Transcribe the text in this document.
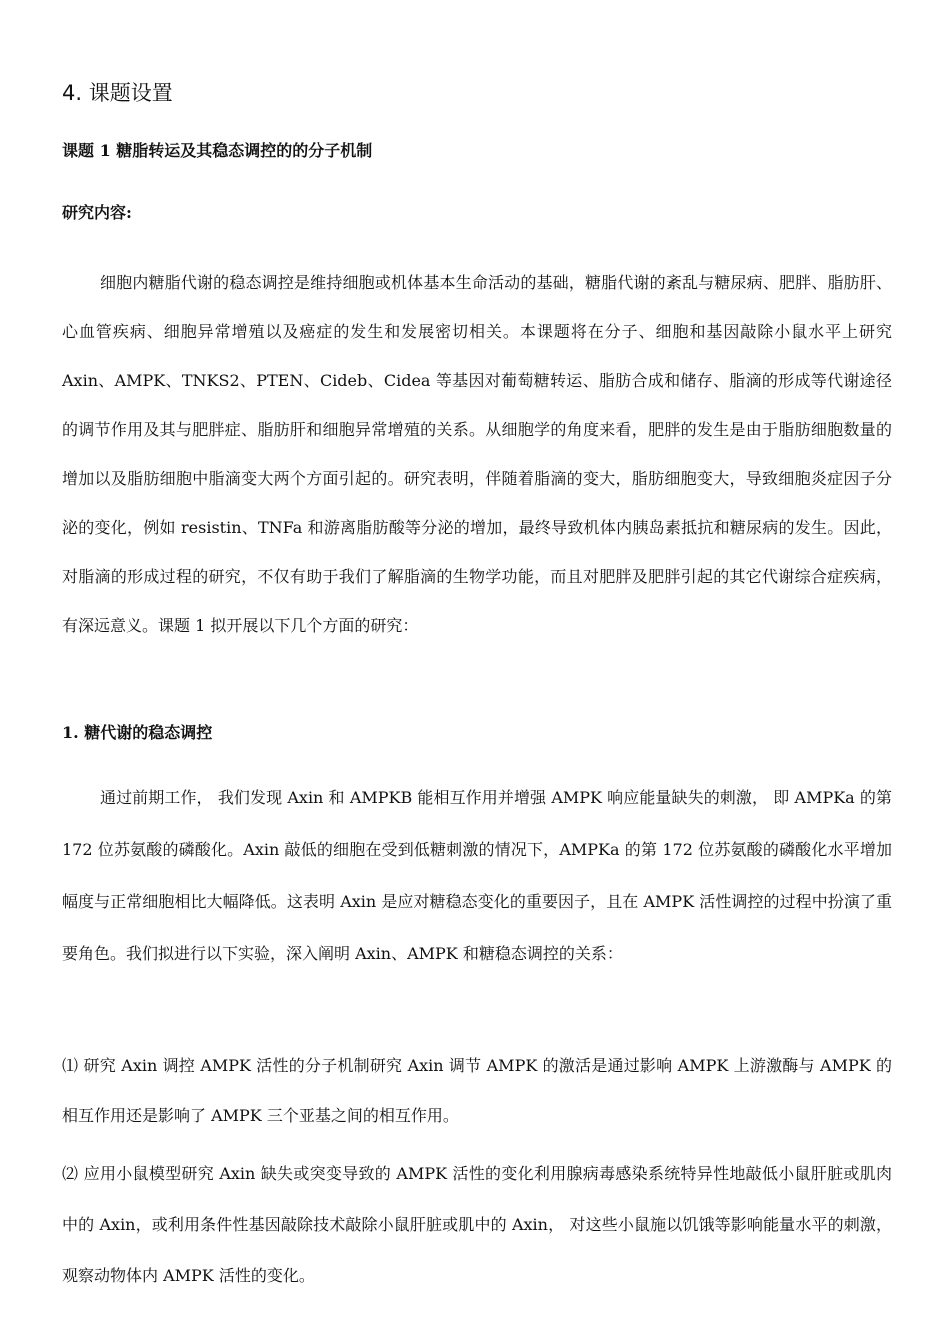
4. 课题设置

课题 1 糖脂转运及其稳态调控的的分子机制

研究内容:

细胞内糖脂代谢的稳态调控是维持细胞或机体基本生命活动的基础，糖脂代谢的紊乱与糖尿病、肥胖、脂肪肝、心血管疾病、细胞异常增殖以及癌症的发生和发展密切相关。本课题将在分子、细胞和基因敲除小鼠水平上研究 Axin、AMPK、TNKS2、PTEN、Cideb、Cidea 等基因对葡萄糖转运、脂肪合成和储存、脂滴的形成等代谢途径的调节作用及其与肥胖症、脂肪肝和细胞异常增殖的关系。从细胞学的角度来看，肥胖的发生是由于脂肪细胞数量的增加以及脂肪细胞中脂滴变大两个方面引起的。研究表明，伴随着脂滴的变大，脂肪细胞变大，导致细胞炎症因子分泌的变化，例如 resistin、TNFa 和游离脂肪酸等分泌的增加，最终导致机体内胰岛素抵抗和糖尿病的发生。因此，对脂滴的形成过程的研究，不仅有助于我们了解脂滴的生物学功能，而且对肥胖及肥胖引起的其它代谢综合症疾病，有深远意义。课题 1 拟开展以下几个方面的研究：

1. 糖代谢的稳态调控

通过前期工作， 我们发现 Axin 和 AMPKB 能相互作用并增强 AMPK 响应能量缺失的刺激， 即 AMPKa 的第 172 位苏氨酸的磷酸化。Axin 敲低的细胞在受到低糖刺激的情况下，AMPKa 的第 172 位苏氨酸的磷酸化水平增加幅度与正常细胞相比大幅降低。这表明 Axin 是应对糖稳态变化的重要因子，且在 AMPK 活性调控的过程中扮演了重要角色。我们拟进行以下实验，深入阐明 Axin、AMPK 和糖稳态调控的关系：

⑴ 研究 Axin 调控 AMPK 活性的分子机制研究 Axin 调节 AMPK 的激活是通过影响 AMPK 上游激酶与 AMPK 的相互作用还是影响了 AMPK 三个亚基之间的相互作用。

⑵ 应用小鼠模型研究 Axin 缺失或突变导致的 AMPK 活性的变化利用腺病毒感染系统特异性地敲低小鼠肝脏或肌肉中的 Axin，或利用条件性基因敲除技术敲除小鼠肝脏或肌中的 Axin， 对这些小鼠施以饥饿等影响能量水平的刺激， 观察动物体内 AMPK 活性的变化。
